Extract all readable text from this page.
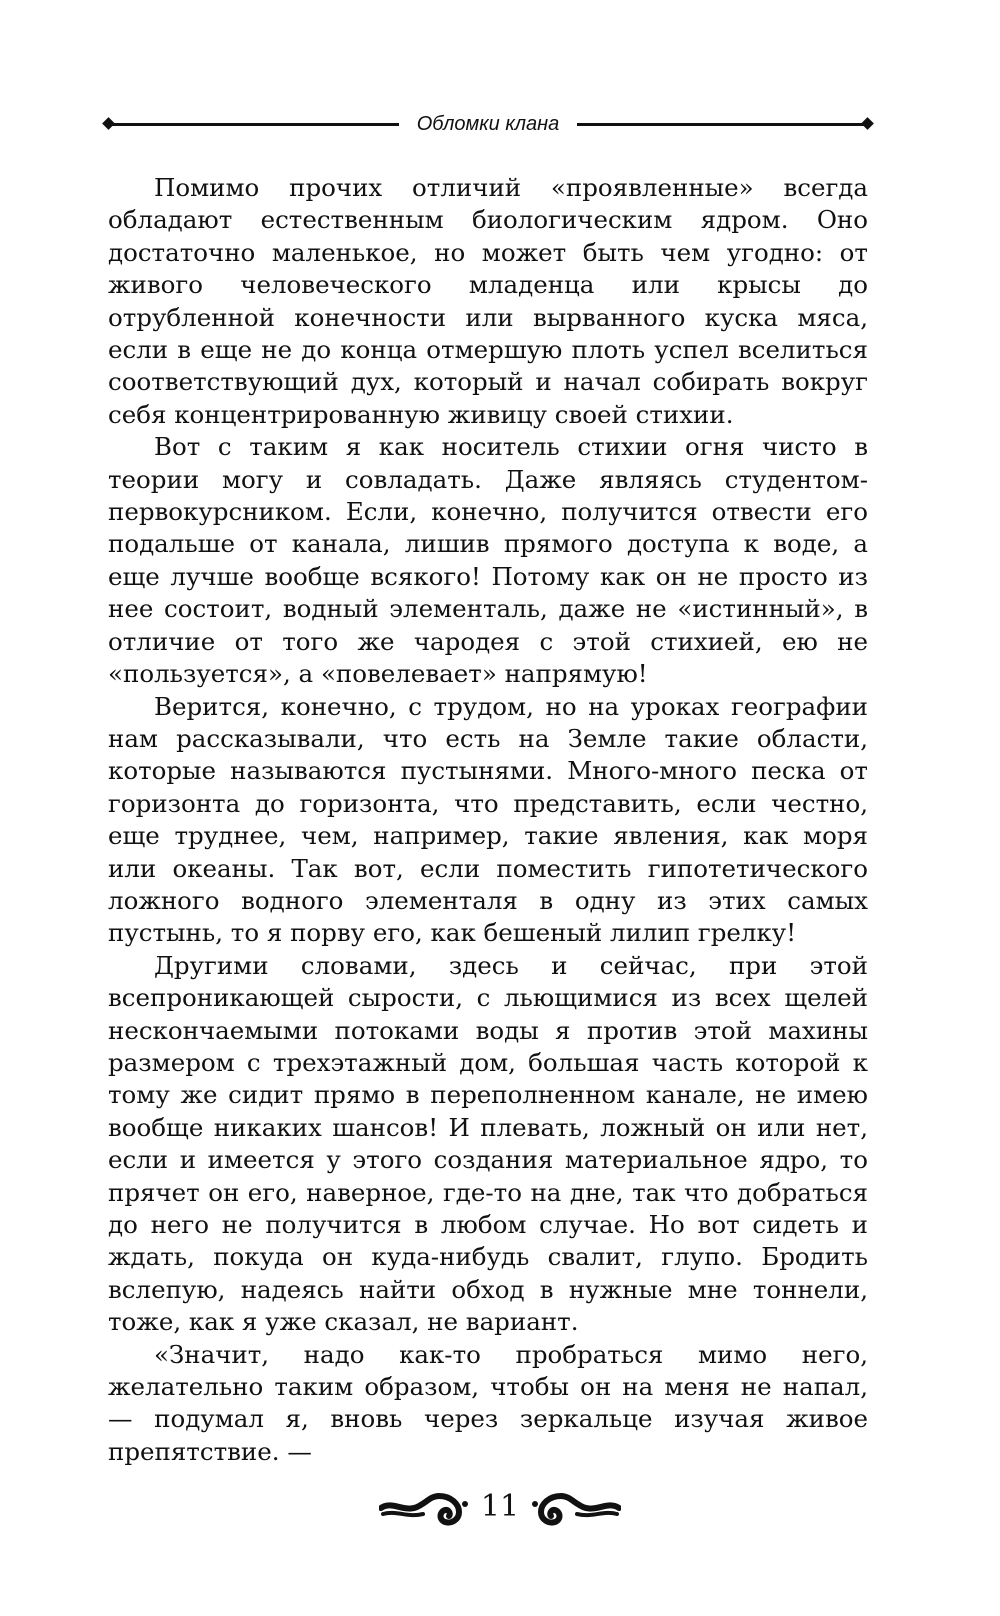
Обломки клана

Помимо прочих отличий «проявленные» всегда обладают естественным биологическим ядром. Оно достаточно маленькое, но может быть чем угодно: от живого человеческого младенца или крысы до отрубленной конечности или вырванного куска мяса, если в еще не до конца отмершую плоть успел вселиться соответствующий дух, который и начал собирать вокруг себя концентрированную живицу своей стихии.

Вот с таким я как носитель стихии огня чисто в теории могу и совладать. Даже являясь студентом-первокурсником. Если, конечно, получится отвести его подальше от канала, лишив прямого доступа к воде, а еще лучше вообще всякого! Потому как он не просто из нее состоит, водный элементаль, даже не «истинный», в отличие от того же чародея с этой стихией, ею не «пользуется», а «повелевает» напрямую!

Верится, конечно, с трудом, но на уроках географии нам рассказывали, что есть на Земле такие области, которые называются пустынями. Много-много песка от горизонта до горизонта, что представить, если честно, еще труднее, чем, например, такие явления, как моря или океаны. Так вот, если поместить гипотетического ложного водного элементаля в одну из этих самых пустынь, то я порву его, как бешеный лилип грелку!

Другими словами, здесь и сейчас, при этой всепроникающей сырости, с льющимися из всех щелей нескончаемыми потоками воды я против этой махины размером с трехэтажный дом, большая часть которой к тому же сидит прямо в переполненном канале, не имею вообще никаких шансов! И плевать, ложный он или нет, если и имеется у этого создания материальное ядро, то прячет он его, наверное, где-то на дне, так что добраться до него не получится в любом случае. Но вот сидеть и ждать, покуда он куда-нибудь свалит, глупо. Бродить вслепую, надеясь найти обход в нужные мне тоннели, тоже, как я уже сказал, не вариант.

«Значит, надо как-то пробраться мимо него, желательно таким образом, чтобы он на меня не напал, — подумал я, вновь через зеркальце изучая живое препятствие. —

11
